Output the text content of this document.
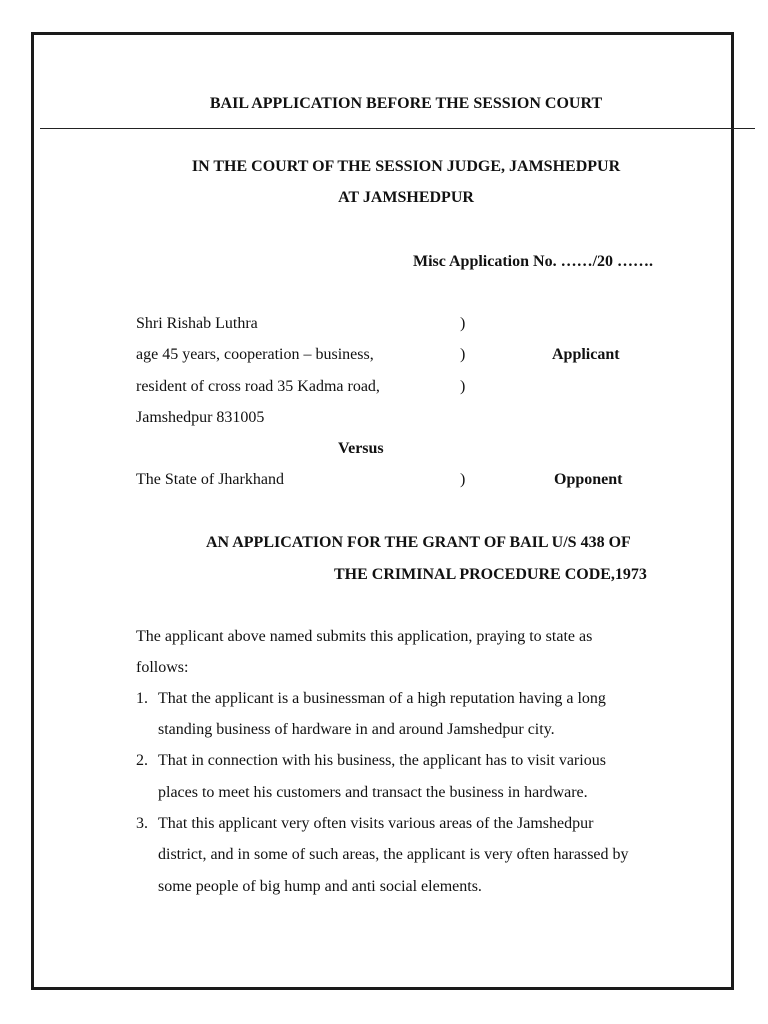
BAIL APPLICATION BEFORE THE SESSION COURT
IN THE COURT OF THE SESSION JUDGE, JAMSHEDPUR
AT JAMSHEDPUR
Misc Application No. ……/20 …….
Shri Rishab Luthra
age 45 years, cooperation – business,
resident of cross road 35 Kadma road,
Jamshedpur 831005
)
)
)
Applicant
Versus
The State of Jharkhand	)	Opponent
AN APPLICATION FOR THE GRANT OF BAIL U/S 438 OF
THE CRIMINAL PROCEDURE CODE,1973
The applicant above named submits this application, praying to state as
follows:
1. That the applicant is a businessman of a high reputation having a long
standing business of hardware in and around Jamshedpur city.
2. That in connection with his business, the applicant has to visit various
places to meet his customers and transact the business in hardware.
3. That this applicant very often visits various areas of the Jamshedpur
district, and in some of such areas, the applicant is very often harassed by
some people of big hump and anti social elements.
